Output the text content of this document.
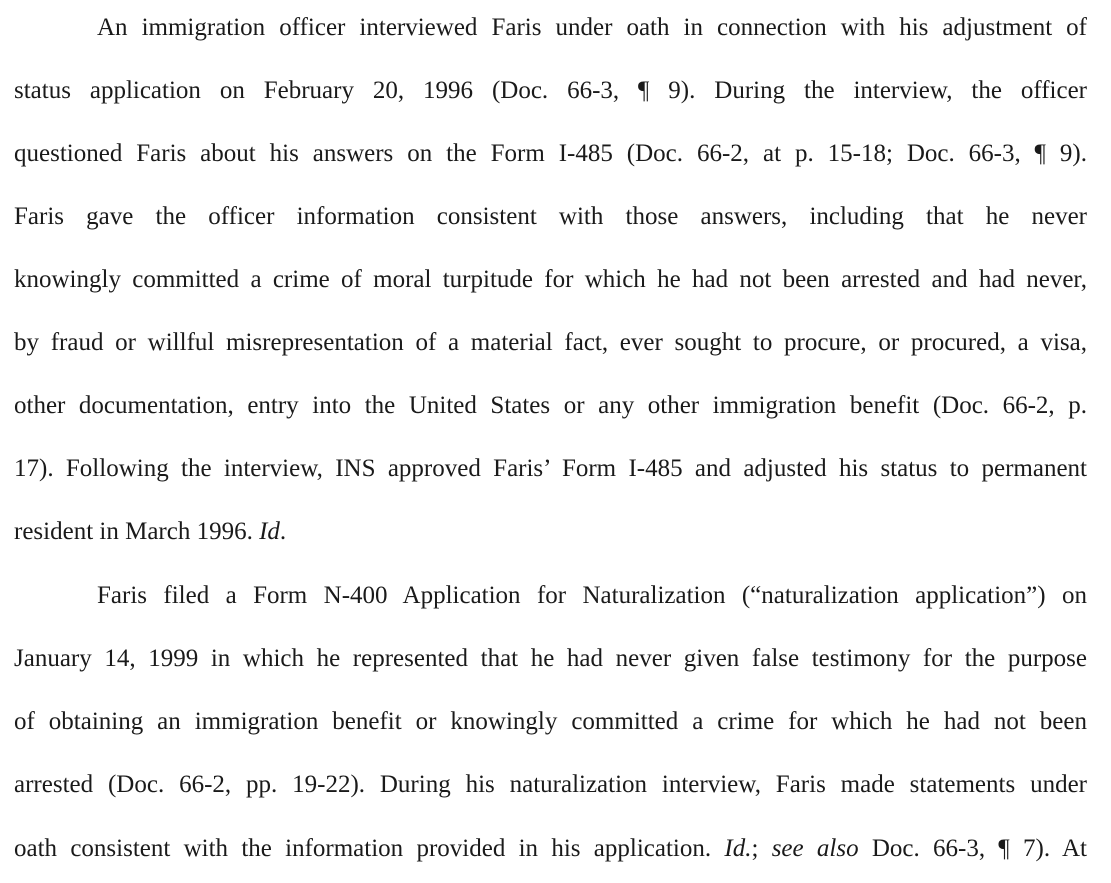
An immigration officer interviewed Faris under oath in connection with his adjustment of
status application on February 20, 1996 (Doc. 66-3, ¶ 9). During the interview, the officer
questioned Faris about his answers on the Form I-485 (Doc. 66-2, at p. 15-18; Doc. 66-3, ¶ 9).
Faris gave the officer information consistent with those answers, including that he never
knowingly committed a crime of moral turpitude for which he had not been arrested and had never,
by fraud or willful misrepresentation of a material fact, ever sought to procure, or procured, a visa,
other documentation, entry into the United States or any other immigration benefit (Doc. 66-2, p.
17). Following the interview, INS approved Faris’ Form I-485 and adjusted his status to permanent
resident in March 1996. Id.
Faris filed a Form N-400 Application for Naturalization (“naturalization application”) on
January 14, 1999 in which he represented that he had never given false testimony for the purpose
of obtaining an immigration benefit or knowingly committed a crime for which he had not been
arrested (Doc. 66-2, pp. 19-22). During his naturalization interview, Faris made statements under
oath consistent with the information provided in his application. Id.; see also Doc. 66-3, ¶ 7). At
